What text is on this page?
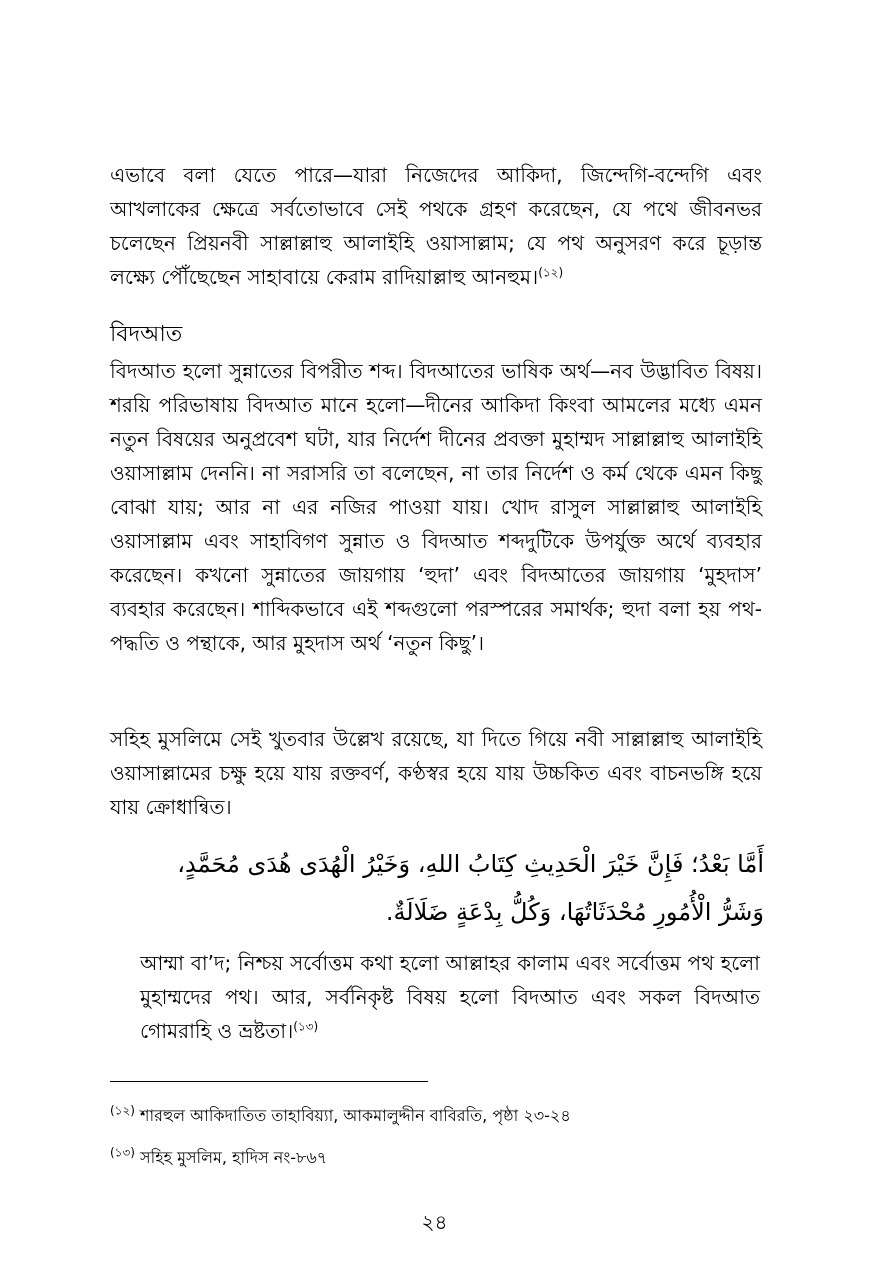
এভাবে বলা যেতে পারে—যারা নিজেদের আকিদা, জিন্দেগি-বন্দেগি এবং আখলাকের ক্ষেত্রে সর্বতোভাবে সেই পথকে গ্রহণ করেছেন, যে পথে জীবনভর চলেছেন প্রিয়নবী সাল্লাল্লাহু আলাইহি ওয়াসাল্লাম; যে পথ অনুসরণ করে চূড়ান্ত লক্ষ্যে পৌঁছেছেন সাহাবায়ে কেরাম রাদিয়াল্লাহু আনহুম।$^{(১২)}$

বিদআত

বিদআত হলো সুন্নাতের বিপরীত শব্দ। বিদআতের ভাষিক অর্থ—নব উদ্ভাবিত বিষয়। শরয়ি পরিভাষায় বিদআত মানে হলো—দীনের আকিদা কিংবা আমলের মধ্যে এমন নতুন বিষয়ের অনুপ্রবেশ ঘটা, যার নির্দেশ দীনের প্রবক্তা মুহাম্মদ সাল্লাল্লাহু আলাইহি ওয়াসাল্লাম দেননি। না সরাসরি তা বলেছেন, না তার নির্দেশ ও কর্ম থেকে এমন কিছু বোঝা যায়; আর না এর নজির পাওয়া যায়। খোদ রাসুল সাল্লাল্লাহু আলাইহি ওয়াসাল্লাম এবং সাহাবিগণ সুন্নাত ও বিদআত শব্দদুটিকে উপর্যুক্ত অর্থে ব্যবহার করেছেন। কখনো সুন্নাতের জায়গায় ‘হুদা’ এবং বিদআতের জায়গায় ‘মুহদাস’ ব্যবহার করেছেন। শাব্দিকভাবে এই শব্দগুলো পরস্পরের সমার্থক; হুদা বলা হয় পথ-পদ্ধতি ও পন্থাকে, আর মুহদাস অর্থ ‘নতুন কিছু’।

সহিহ মুসলিমে সেই খুতবার উল্লেখ রয়েছে, যা দিতে গিয়ে নবী সাল্লাল্লাহু আলাইহি ওয়াসাল্লামের চক্ষু হয়ে যায় রক্তবর্ণ, কণ্ঠস্বর হয়ে যায় উচ্চকিত এবং বাচনভঙ্গি হয়ে যায় ক্রোধান্বিত।

أَمَّا بَعْدُ؛ فَإِنَّ خَيْرَ الْحَدِيثِ كِتَابُ اللهِ، وَخَيْرُ الْهُدَى هُدَى مُحَمَّدٍ، وَشَرُّ الْأُمُورِ مُحْدَثَاتُهَا، وَكُلُّ بِدْعَةٍ ضَلَالَةٌ.

আম্মা বা’দ; নিশ্চয় সর্বোত্তম কথা হলো আল্লাহর কালাম এবং সর্বোত্তম পথ হলো মুহাম্মদের পথ। আর, সর্বনিকৃষ্ট বিষয় হলো বিদআত এবং সকল বিদআত গোমরাহি ও ভ্রষ্টতা।$^{(১৩)}$

$^{(১২)}$ শারহুল আকিদাতিত তাহাবিয়্যা, আকমালুদ্দীন বাবিরতি, পৃষ্ঠা ২৩-২৪

$^{(১৩)}$ সহিহ মুসলিম, হাদিস নং-৮৬৭

২৪
